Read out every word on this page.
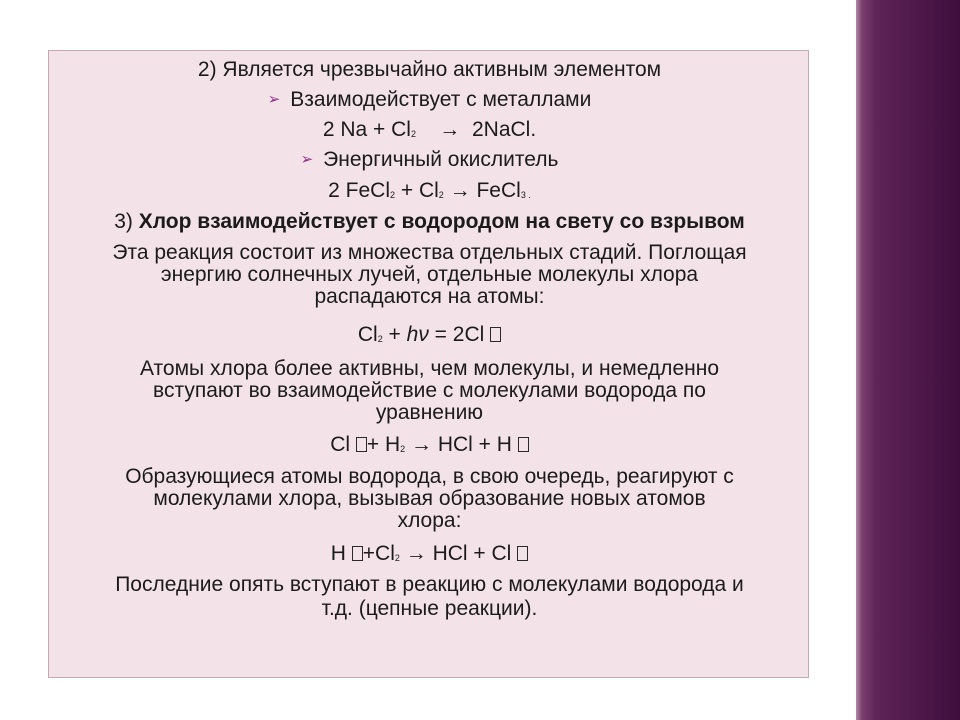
2) Является чрезвычайно активным элементом
➢ Взаимодействует с металлами
2 Na + Cl2 → 2NaCl.
➢ Энергичный окислитель
2 FeCl2 + Cl2 → FeCl3 .
3) Хлор взаимодействует с водородом на свету со взрывом
Эта реакция состоит из множества отдельных стадий. Поглощая
энергию солнечных лучей, отдельные молекулы хлора
распадаются на атомы:
Cl2 + hν = 2Cl
Атомы хлора более активны, чем молекулы, и немедленно
вступают во взаимодействие с молекулами водорода по
уравнению
Cl + H2 → HCl + H
Образующиеся атомы водорода, в свою очередь, реагируют с
молекулами хлора, вызывая образование новых атомов
хлора:
H +Cl2 → HCl + Cl
Последние опять вступают в реакцию с молекулами водорода и
т.д. (цепные реакции).
